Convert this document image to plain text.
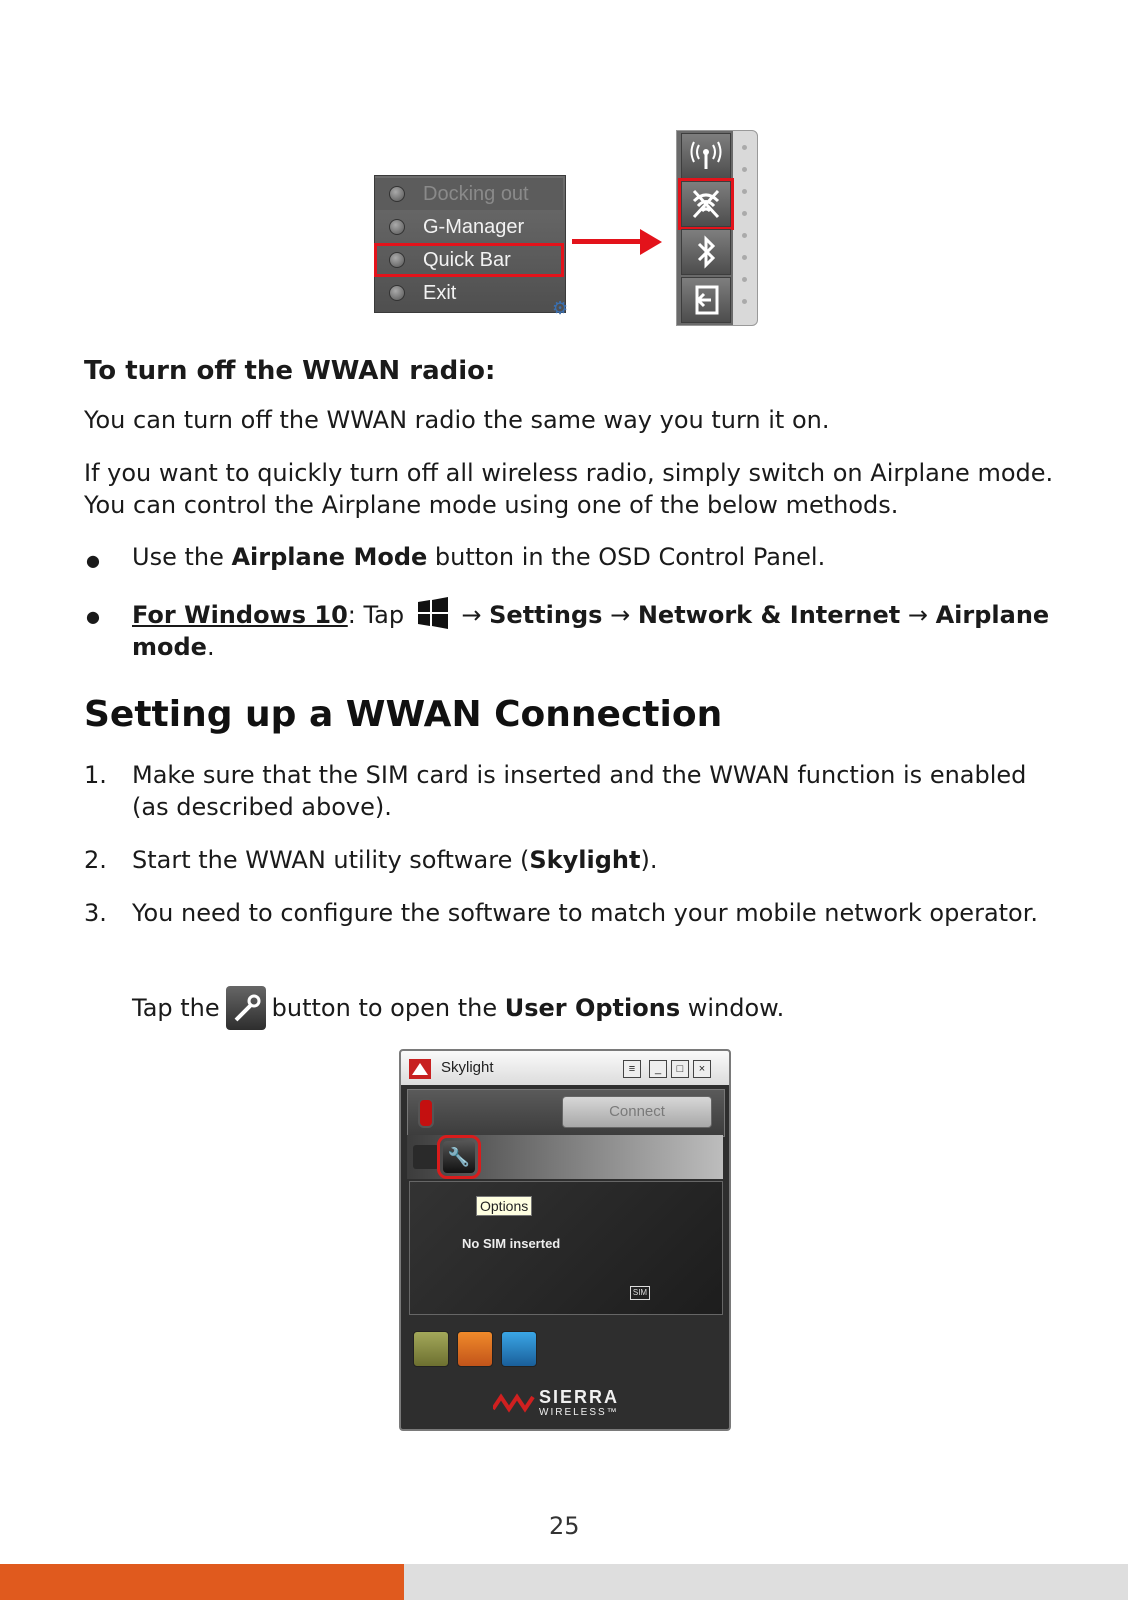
Docking out
G-Manager
Quick Bar
Exit
⚙
To turn off the WWAN radio:
You can turn off the WWAN radio the same way you turn it on.
If you want to quickly turn off all wireless radio, simply switch on Airplane mode. You can control the Airplane mode using one of the below methods.
● Use the Airplane Mode button in the OSD Control Panel.
● For Windows 10: Tap  → Settings → Network & Internet → Airplane
mode.
Setting up a WWAN Connection
1. Make sure that the SIM card is inserted and the WWAN function is enabled (as described above).
2. Start the WWAN utility software (Skylight).
3. You need to configure the software to match your mobile network operator.
Tap the button to open the User Options window.
Skylight	≡	_	□	×
Connect
🔧
Options
No SIM inserted
SIM
SIERRA
WIRELESS™
25
